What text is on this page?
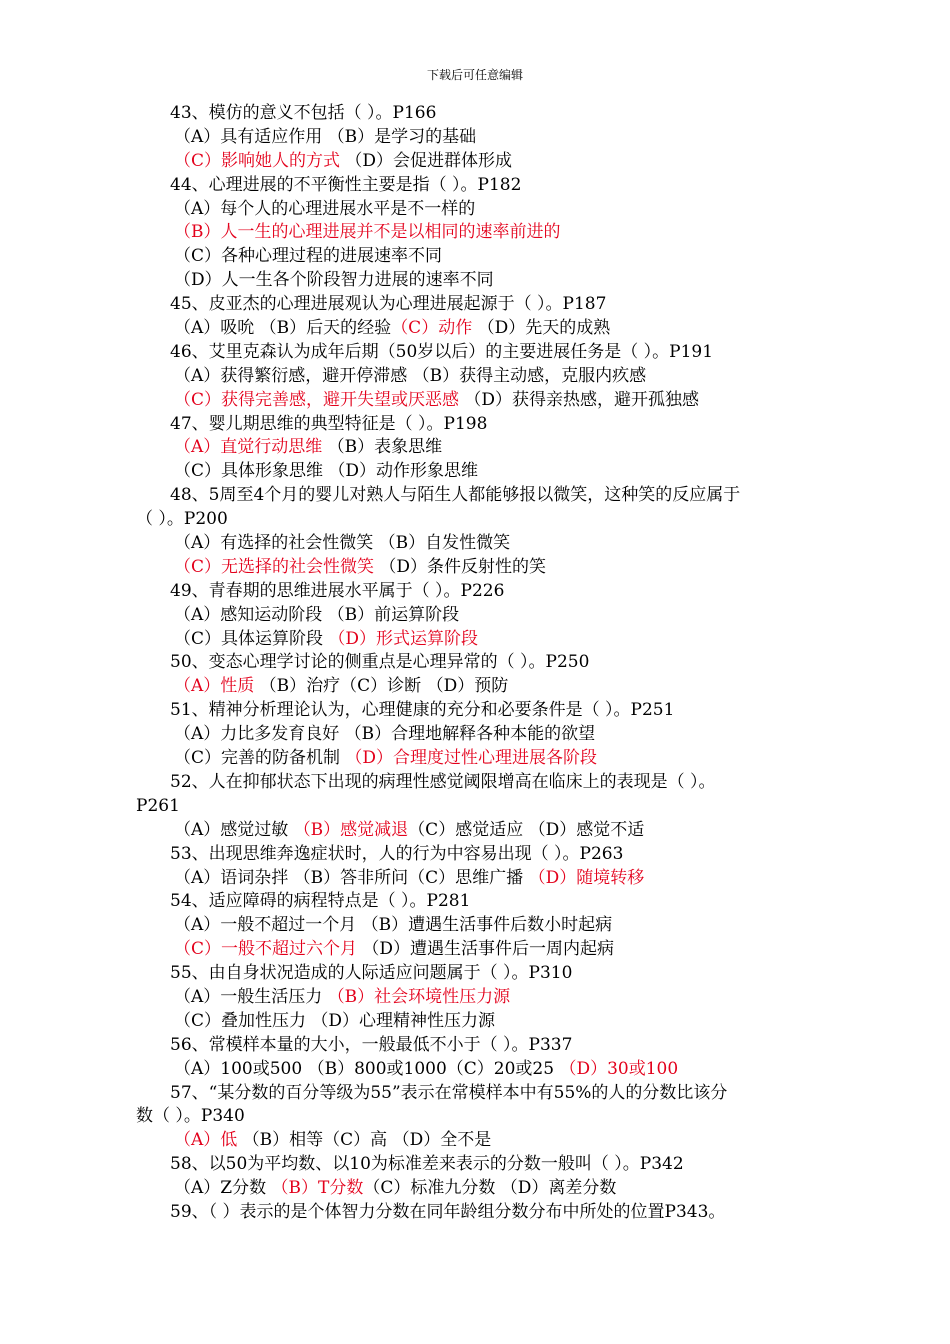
下载后可任意编辑
43、模仿的意义不包括（ ）。P166
（A）具有适应作用 （B）是学习的基础
（C）影响她人的方式 （D）会促进群体形成
44、心理进展的不平衡性主要是指（ ）。P182
（A）每个人的心理进展水平是不一样的
（B）人一生的心理进展并不是以相同的速率前进的
（C）各种心理过程的进展速率不同
（D）人一生各个阶段智力进展的速率不同
45、皮亚杰的心理进展观认为心理进展起源于（ ）。P187
（A）吸吮 （B）后天的经验（C）动作 （D）先天的成熟
46、艾里克森认为成年后期（50岁以后）的主要进展任务是（ ）。P191
（A）获得繁衍感，避开停滞感 （B）获得主动感，克服内疚感
（C）获得完善感，避开失望或厌恶感 （D）获得亲热感，避开孤独感
47、婴儿期思维的典型特征是（ ）。P198
（A）直觉行动思维 （B）表象思维
（C）具体形象思维 （D）动作形象思维
48、5周至4个月的婴儿对熟人与陌生人都能够报以微笑，这种笑的反应属于
（ ）。P200
（A）有选择的社会性微笑 （B）自发性微笑
（C）无选择的社会性微笑 （D）条件反射性的笑
49、青春期的思维进展水平属于（ ）。P226
（A）感知运动阶段 （B）前运算阶段
（C）具体运算阶段 （D）形式运算阶段
50、变态心理学讨论的侧重点是心理异常的（ ）。P250
（A）性质 （B）治疗（C）诊断 （D）预防
51、精神分析理论认为，心理健康的充分和必要条件是（ ）。P251
（A）力比多发育良好 （B）合理地解释各种本能的欲望
（C）完善的防备机制 （D）合理度过性心理进展各阶段
52、人在抑郁状态下出现的病理性感觉阈限增高在临床上的表现是（ ）。
P261
（A）感觉过敏 （B）感觉减退（C）感觉适应 （D）感觉不适
53、出现思维奔逸症状时，人的行为中容易出现（ ）。P263
（A）语词杂拌 （B）答非所问（C）思维广播 （D）随境转移
54、适应障碍的病程特点是（ ）。P281
（A）一般不超过一个月 （B）遭遇生活事件后数小时起病
（C）一般不超过六个月 （D）遭遇生活事件后一周内起病
55、由自身状况造成的人际适应问题属于（ ）。P310
（A）一般生活压力 （B）社会环境性压力源
（C）叠加性压力 （D）心理精神性压力源
56、常模样本量的大小，一般最低不小于（ ）。P337
（A）100或500 （B）800或1000（C）20或25 （D）30或100
57、“某分数的百分等级为55”表示在常模样本中有55%的人的分数比该分
数（ ）。P340
（A）低 （B）相等（C）高 （D）全不是
58、以50为平均数、以10为标准差来表示的分数一般叫（ ）。P342
（A）Z分数 （B）T分数（C）标准九分数 （D）离差分数
59、（ ）表示的是个体智力分数在同年龄组分数分布中所处的位置P343。
